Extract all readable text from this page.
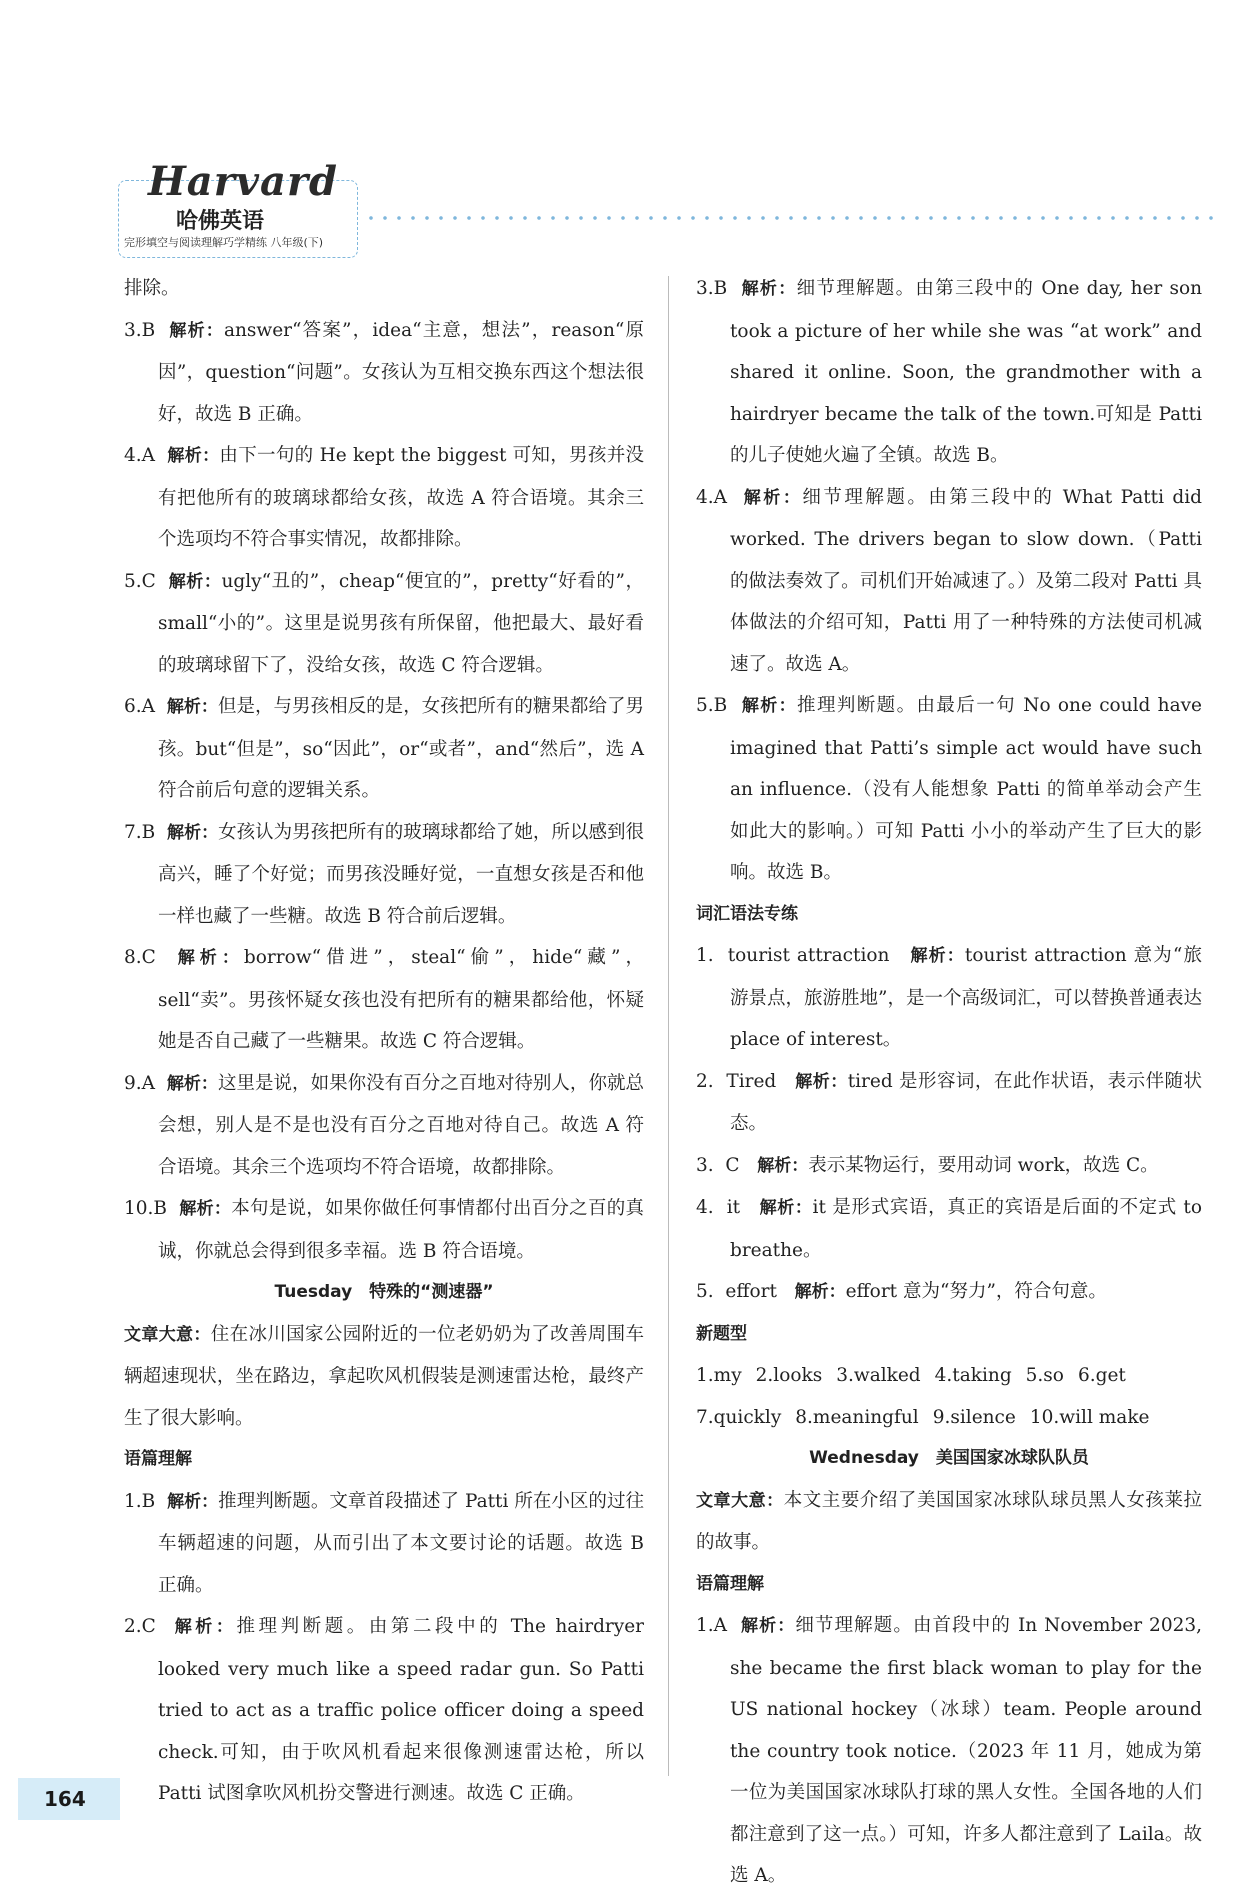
Harvard
哈佛英语
完形填空与阅读理解巧学精练 八年级(下)
排除。
3.B 解析：answer“答案”，idea“主意，想法”，reason“原因”，question“问题”。女孩认为互相交换东西这个想法很好，故选 B 正确。
4.A 解析：由下一句的 He kept the biggest 可知，男孩并没有把他所有的玻璃球都给女孩，故选 A 符合语境。其余三个选项均不符合事实情况，故都排除。
5.C 解析：ugly“丑的”，cheap“便宜的”，pretty“好看的”，small“小的”。这里是说男孩有所保留，他把最大、最好看的玻璃球留下了，没给女孩，故选 C 符合逻辑。
6.A 解析：但是，与男孩相反的是，女孩把所有的糖果都给了男孩。but“但是”，so“因此”，or“或者”，and“然后”，选 A 符合前后句意的逻辑关系。
7.B 解析：女孩认为男孩把所有的玻璃球都给了她，所以感到很高兴，睡了个好觉；而男孩没睡好觉，一直想女孩是否和他一样也藏了一些糖。故选 B 符合前后逻辑。
8.C 解析：borrow“借进”，steal“偷”，hide“藏”，sell“卖”。男孩怀疑女孩也没有把所有的糖果都给他，怀疑她是否自己藏了一些糖果。故选 C 符合逻辑。
9.A 解析：这里是说，如果你没有百分之百地对待别人，你就总会想，别人是不是也没有百分之百地对待自己。故选 A 符合语境。其余三个选项均不符合语境，故都排除。
10.B 解析：本句是说，如果你做任何事情都付出百分之百的真诚，你就总会得到很多幸福。选 B 符合语境。
Tuesday　特殊的“测速器”
文章大意：住在冰川国家公园附近的一位老奶奶为了改善周围车辆超速现状，坐在路边，拿起吹风机假装是测速雷达枪，最终产生了很大影响。
语篇理解
1.B 解析：推理判断题。文章首段描述了 Patti 所在小区的过往车辆超速的问题，从而引出了本文要讨论的话题。故选 B 正确。
2.C 解析：推理判断题。由第二段中的 The hairdryer looked very much like a speed radar gun. So Patti tried to act as a traffic police officer doing a speed check.可知，由于吹风机看起来很像测速雷达枪，所以 Patti 试图拿吹风机扮交警进行测速。故选 C 正确。
3.B 解析：细节理解题。由第三段中的 One day, her son took a picture of her while she was “at work” and shared it online. Soon, the grandmother with a hairdryer became the talk of the town.可知是 Patti 的儿子使她火遍了全镇。故选 B。
4.A 解析：细节理解题。由第三段中的 What Patti did worked. The drivers began to slow down.（Patti 的做法奏效了。司机们开始减速了。）及第二段对 Patti 具体做法的介绍可知，Patti 用了一种特殊的方法使司机减速了。故选 A。
5.B 解析：推理判断题。由最后一句 No one could have imagined that Patti’s simple act would have such an influence.（没有人能想象 Patti 的简单举动会产生如此大的影响。）可知 Patti 小小的举动产生了巨大的影响。故选 B。
词汇语法专练
1. tourist attraction 解析：tourist attraction 意为“旅游景点，旅游胜地”，是一个高级词汇，可以替换普通表达 place of interest。
2. Tired 解析：tired 是形容词，在此作状语，表示伴随状态。
3. C 解析：表示某物运行，要用动词 work，故选 C。
4. it 解析：it 是形式宾语，真正的宾语是后面的不定式 to breathe。
5. effort 解析：effort 意为“努力”，符合句意。
新题型
1.my 2.looks 3.walked 4.taking 5.so 6.get
7.quickly 8.meaningful 9.silence 10.will make
Wednesday　美国国家冰球队队员
文章大意：本文主要介绍了美国国家冰球队球员黑人女孩莱拉的故事。
语篇理解
1.A 解析：细节理解题。由首段中的 In November 2023, she became the first black woman to play for the US national hockey（冰球）team. People around the country took notice.（2023 年 11 月，她成为第一位为美国国家冰球队打球的黑人女性。全国各地的人们都注意到了这一点。）可知，许多人都注意到了 Laila。故选 A。
164
